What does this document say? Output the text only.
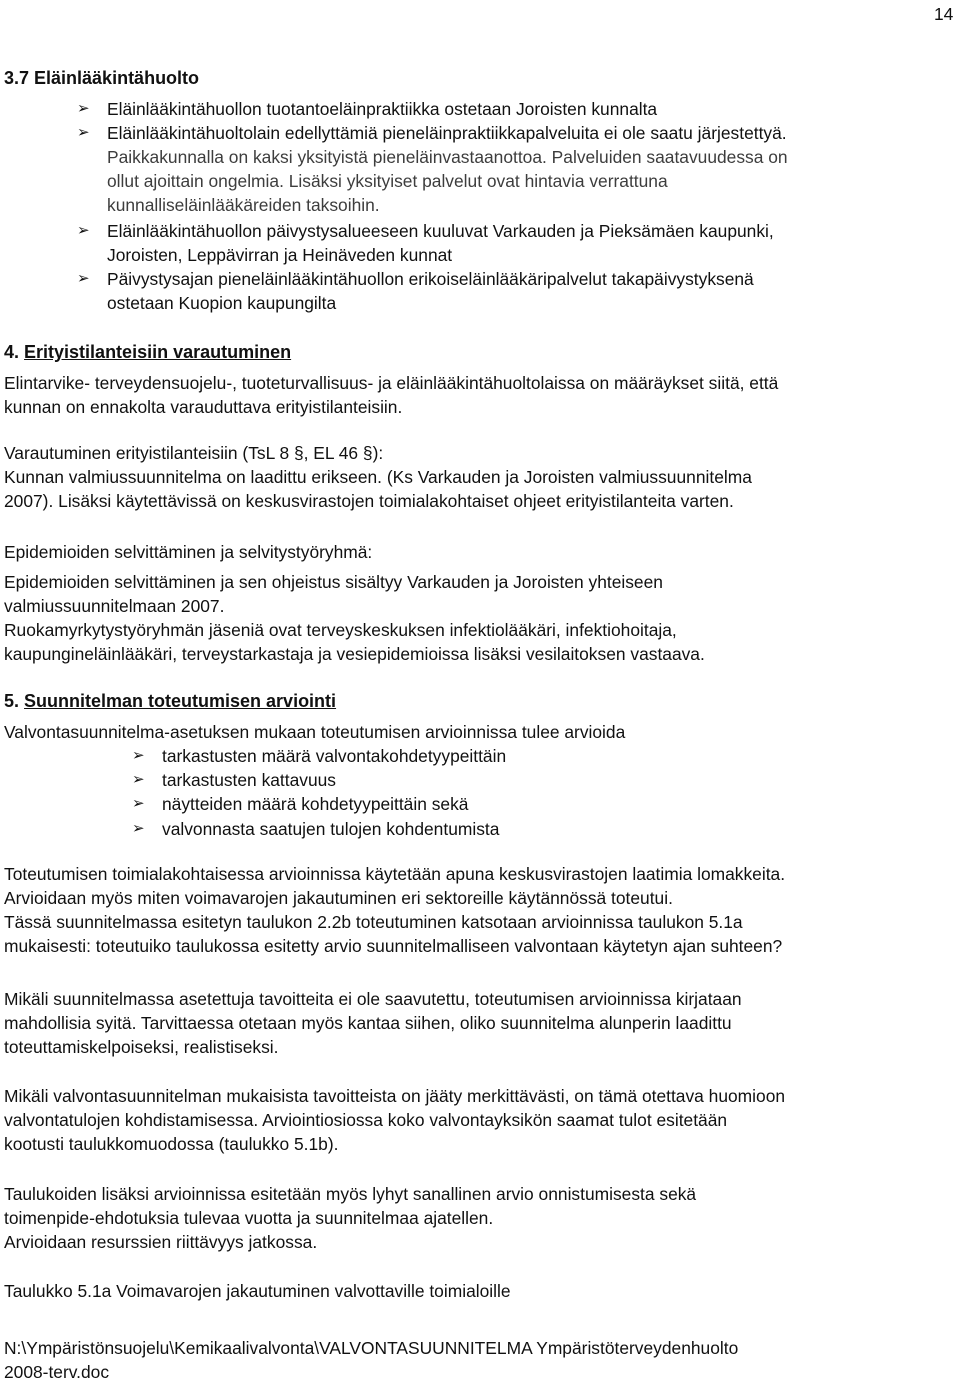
14
3.7 Eläinlääkintähuolto
➢ Eläinlääkintähuollon tuotantoeläinpraktiikka ostetaan Joroisten kunnalta
➢ Eläinlääkintähuoltolain edellyttämiä pieneläinpraktiikkapalveluita ei ole saatu järjestettyä.
Paikkakunnalla on kaksi yksityistä pieneläinvastaanottoa. Palveluiden saatavuudessa on
ollut ajoittain ongelmia. Lisäksi yksityiset palvelut ovat hintavia verrattuna
kunnalliseläinlääkäreiden taksoihin.
➢ Eläinlääkintähuollon päivystysalueeseen kuuluvat Varkauden ja Pieksämäen kaupunki,
Joroisten, Leppävirran ja Heinäveden kunnat
➢ Päivystysajan pieneläinlääkintähuollon erikoiseläinlääkäripalvelut takapäivystyksenä
ostetaan Kuopion kaupungilta
4. Erityistilanteisiin varautuminen
Elintarvike- terveydensuojelu-, tuoteturvallisuus- ja eläinlääkintähuoltolaissa on määräykset siitä, että
kunnan on ennakolta varauduttava erityistilanteisiin.
Varautuminen erityistilanteisiin (TsL 8 §, EL 46 §):
Kunnan valmiussuunnitelma on laadittu erikseen. (Ks Varkauden ja Joroisten valmiussuunnitelma
2007). Lisäksi käytettävissä on keskusvirastojen toimialakohtaiset ohjeet erityistilanteita varten.
Epidemioiden selvittäminen ja selvitystyöryhmä:
Epidemioiden selvittäminen ja sen ohjeistus sisältyy Varkauden ja Joroisten yhteiseen
valmiussuunnitelmaan 2007.
Ruokamyrkytystyöryhmän jäseniä ovat terveyskeskuksen infektiolääkäri, infektiohoitaja,
kaupungineläinlääkäri, terveystarkastaja ja vesiepidemioissa lisäksi vesilaitoksen vastaava.
5. Suunnitelman toteutumisen arviointi
Valvontasuunnitelma-asetuksen mukaan toteutumisen arvioinnissa tulee arvioida
➢ tarkastusten määrä valvontakohdetyypeittäin
➢ tarkastusten kattavuus
➢ näytteiden määrä kohdetyypeittäin sekä
➢ valvonnasta saatujen tulojen kohdentumista
Toteutumisen toimialakohtaisessa arvioinnissa käytetään apuna keskusvirastojen laatimia lomakkeita.
Arvioidaan myös miten voimavarojen jakautuminen eri sektoreille käytännössä toteutui.
Tässä suunnitelmassa esitetyn taulukon 2.2b toteutuminen katsotaan arvioinnissa taulukon 5.1a
mukaisesti: toteutuiko taulukossa esitetty arvio suunnitelmalliseen valvontaan käytetyn ajan suhteen?
Mikäli suunnitelmassa asetettuja tavoitteita ei ole saavutettu, toteutumisen arvioinnissa kirjataan
mahdollisia syitä. Tarvittaessa otetaan myös kantaa siihen, oliko suunnitelma alunperin laadittu
toteuttamiskelpoiseksi, realistiseksi.
Mikäli valvontasuunnitelman mukaisista tavoitteista on jääty merkittävästi, on tämä otettava huomioon
valvontatulojen kohdistamisessa. Arviointiosiossa koko valvontayksikön saamat tulot esitetään
kootusti taulukkomuodossa (taulukko 5.1b).
Taulukoiden lisäksi arvioinnissa esitetään myös lyhyt sanallinen arvio onnistumisesta sekä
toimenpide-ehdotuksia tulevaa vuotta ja suunnitelmaa ajatellen.
Arvioidaan resurssien riittävyys jatkossa.
Taulukko 5.1a Voimavarojen jakautuminen valvottaville toimialoille
N:\Ympäristönsuojelu\Kemikaalivalvonta\VALVONTASUUNNITELMA Ympäristöterveydenhuolto
2008-terv.doc
